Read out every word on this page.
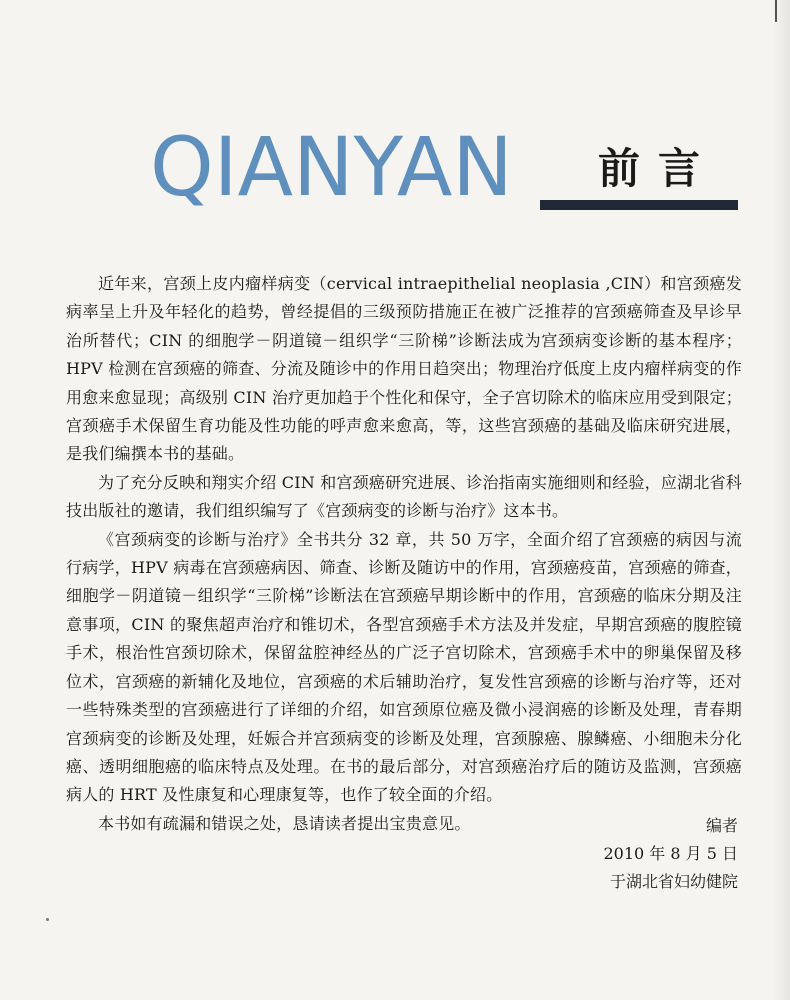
QIANYAN 前言

近年来，宫颈上皮内瘤样病变（cervical intraepithelial neoplasia ,CIN）和宫颈癌发病率呈上升及年轻化的趋势，曾经提倡的三级预防措施正在被广泛推荐的宫颈癌筛查及早诊早治所替代；CIN 的细胞学－阴道镜－组织学“三阶梯”诊断法成为宫颈病变诊断的基本程序；HPV 检测在宫颈癌的筛查、分流及随诊中的作用日趋突出；物理治疗低度上皮内瘤样病变的作用愈来愈显现；高级别 CIN 治疗更加趋于个性化和保守，全子宫切除术的临床应用受到限定；宫颈癌手术保留生育功能及性功能的呼声愈来愈高，等，这些宫颈癌的基础及临床研究进展，是我们编撰本书的基础。

为了充分反映和翔实介绍 CIN 和宫颈癌研究进展、诊治指南实施细则和经验，应湖北省科技出版社的邀请，我们组织编写了《宫颈病变的诊断与治疗》这本书。

《宫颈病变的诊断与治疗》全书共分 32 章，共 50 万字，全面介绍了宫颈癌的病因与流行病学，HPV 病毒在宫颈癌病因、筛查、诊断及随访中的作用，宫颈癌疫苗，宫颈癌的筛查，细胞学－阴道镜－组织学“三阶梯”诊断法在宫颈癌早期诊断中的作用，宫颈癌的临床分期及注意事项，CIN 的聚焦超声治疗和锥切术，各型宫颈癌手术方法及并发症，早期宫颈癌的腹腔镜手术，根治性宫颈切除术，保留盆腔神经丛的广泛子宫切除术，宫颈癌手术中的卵巢保留及移位术，宫颈癌的新辅化及地位，宫颈癌的术后辅助治疗，复发性宫颈癌的诊断与治疗等，还对一些特殊类型的宫颈癌进行了详细的介绍，如宫颈原位癌及微小浸润癌的诊断及处理，青春期宫颈病变的诊断及处理，妊娠合并宫颈病变的诊断及处理，宫颈腺癌、腺鳞癌、小细胞未分化癌、透明细胞癌的临床特点及处理。在书的最后部分，对宫颈癌治疗后的随访及监测，宫颈癌病人的 HRT 及性康复和心理康复等，也作了较全面的介绍。

本书如有疏漏和错误之处，恳请读者提出宝贵意见。	编者
2010 年 8 月 5 日
于湖北省妇幼健院
